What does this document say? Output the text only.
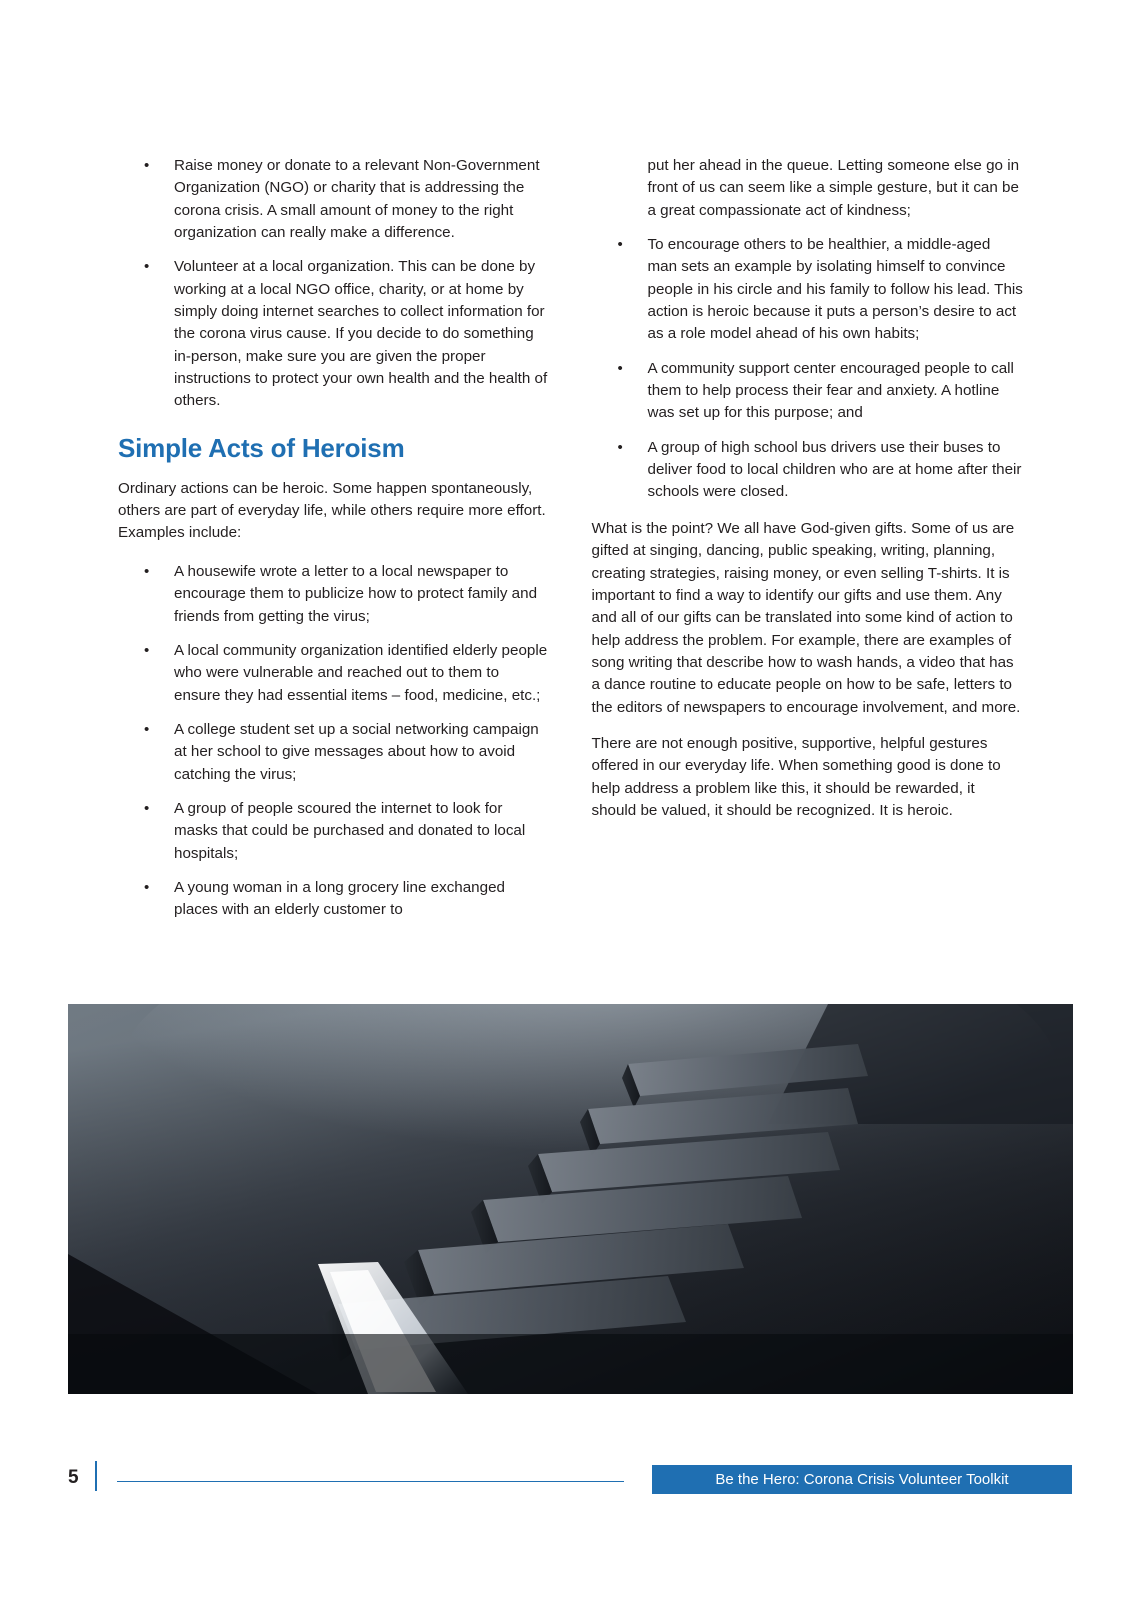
• Raise money or donate to a relevant Non-Government Organization (NGO) or charity that is addressing the corona crisis. A small amount of money to the right organization can really make a difference.
• Volunteer at a local organization. This can be done by working at a local NGO office, charity, or at home by simply doing internet searches to collect information for the corona virus cause. If you decide to do something in-person, make sure you are given the proper instructions to protect your own health and the health of others.
Simple Acts of Heroism

Ordinary actions can be heroic. Some happen spontaneously, others are part of everyday life, while others require more effort. Examples include:

• A housewife wrote a letter to a local newspaper to encourage them to publicize how to protect family and friends from getting the virus;
• A local community organization identified elderly people who were vulnerable and reached out to them to ensure they had essential items – food, medicine, etc.;
• A college student set up a social networking campaign at her school to give messages about how to avoid catching the virus;
• A group of people scoured the internet to look for masks that could be purchased and donated to local hospitals;
• A young woman in a long grocery line exchanged places with an elderly customer to
put her ahead in the queue. Letting someone else go in front of us can seem like a simple gesture, but it can be a great compassionate act of kindness;
• To encourage others to be healthier, a middle-aged man sets an example by isolating himself to convince people in his circle and his family to follow his lead. This action is heroic because it puts a person’s desire to act as a role model ahead of his own habits;
• A community support center encouraged people to call them to help process their fear and anxiety. A hotline was set up for this purpose; and
• A group of high school bus drivers use their buses to deliver food to local children who are at home after their schools were closed.

What is the point? We all have God-given gifts. Some of us are gifted at singing, dancing, public speaking, writing, planning, creating strategies, raising money, or even selling T-shirts. It is important to find a way to identify our gifts and use them. Any and all of our gifts can be translated into some kind of action to help address the problem. For example, there are examples of song writing that describe how to wash hands, a video that has a dance routine to educate people on how to be safe, letters to the editors of newspapers to encourage involvement, and more.

There are not enough positive, supportive, helpful gestures offered in our everyday life. When something good is done to help address a problem like this, it should be rewarded, it should be valued, it should be recognized. It is heroic.

5	Be the Hero: Corona Crisis Volunteer Toolkit
